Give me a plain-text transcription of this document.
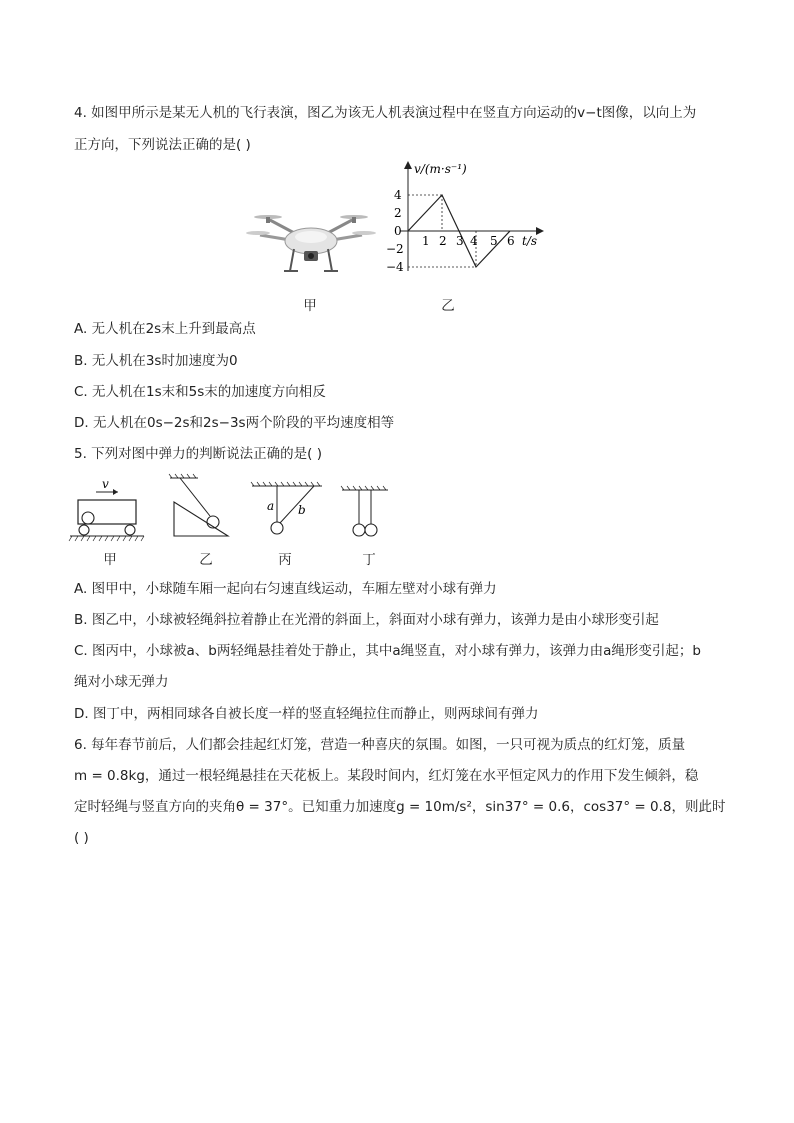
4. 如图甲所示是某无人机的飞行表演，图乙为该无人机表演过程中在竖直方向运动的v−t图像，以向上为
正方向，下列说法正确的是( )
v/(m·s⁻¹)
t/s
4
2
0
−2
−4
1 2 3 4 5 6
甲	乙
A. 无人机在2s末上升到最高点
B. 无人机在3s时加速度为0
C. 无人机在1s末和5s末的加速度方向相反
D. 无人机在0s−2s和2s−3s两个阶段的平均速度相等
5. 下列对图中弹力的判断说法正确的是( )
v
a b
甲	乙	丙	丁
A. 图甲中，小球随车厢一起向右匀速直线运动，车厢左壁对小球有弹力
B. 图乙中，小球被轻绳斜拉着静止在光滑的斜面上，斜面对小球有弹力，该弹力是由小球形变引起
C. 图丙中，小球被a、b两轻绳悬挂着处于静止，其中a绳竖直，对小球有弹力，该弹力由a绳形变引起；b
绳对小球无弹力
D. 图丁中，两相同球各自被长度一样的竖直轻绳拉住而静止，则两球间有弹力
6. 每年春节前后，人们都会挂起红灯笼，营造一种喜庆的氛围。如图，一只可视为质点的红灯笼，质量
m = 0.8kg，通过一根轻绳悬挂在天花板上。某段时间内，红灯笼在水平恒定风力的作用下发生倾斜，稳
定时轻绳与竖直方向的夹角θ = 37°。已知重力加速度g = 10m/s²，sin37° = 0.6，cos37° = 0.8，则此时
( )
